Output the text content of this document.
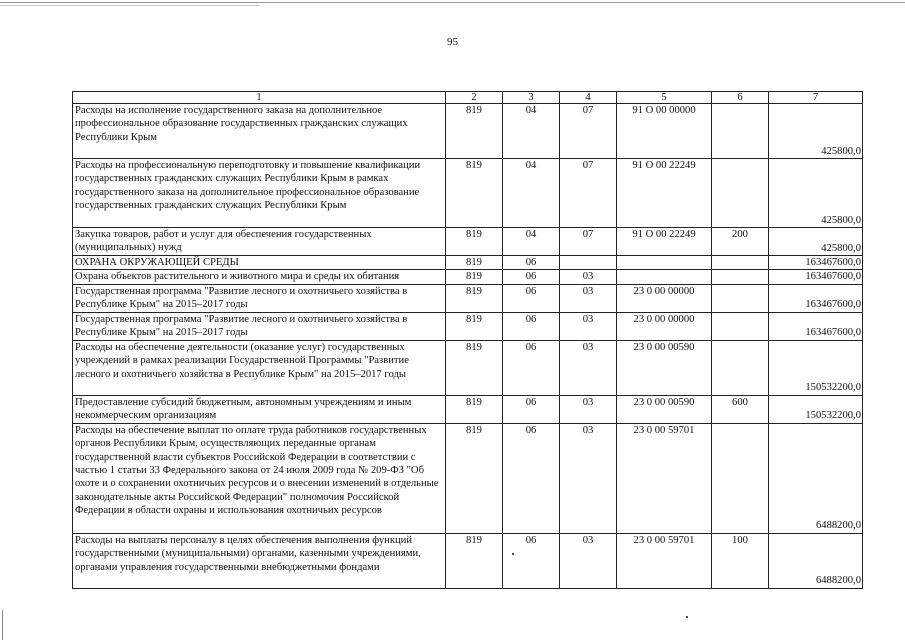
95
1	2	3	4	5	6	7
Расходы на исполнение государственного заказа на дополнительное профессиональное образование государственных гражданских служащих Республики Крым	819	04	07	91 О 00 00000		425800,0
Расходы на профессиональную переподготовку и повышение квалификации государственных гражданских служащих Республики Крым в рамках государственного заказа на дополнительное профессиональное образование государственных гражданских служащих Республики Крым	819	04	07	91 О 00 22249		425800,0
Закупка товаров, работ и услуг для обеспечения государственных (муниципальных) нужд	819	04	07	91 О 00 22249	200	425800,0
ОХРАНА ОКРУЖАЮЩЕЙ СРЕДЫ	819	06				163467600,0
Охрана объектов растительного и животного мира и среды их обитания	819	06	03			163467600,0
Государственная программа "Развитие лесного и охотничьего хозяйства в Республике Крым" на 2015–2017 годы	819	06	03	23 0 00 00000		163467600,0
Государственная программа "Развитие лесного и охотничьего хозяйства в Республике Крым" на 2015–2017 годы	819	06	03	23 0 00 00000		163467600,0
Расходы на обеспечение деятельности (оказание услуг) государственных учреждений в рамках реализации Государственной Программы "Развитие лесного и охотничьего хозяйства в Республике Крым" на 2015–2017 годы	819	06	03	23 0 00 00590		150532200,0
Предоставление субсидий бюджетным, автономным учреждениям и иным некоммерческим организациям	819	06	03	23 0 00 00590	600	150532200,0
Расходы на обеспечение выплат по оплате труда работников государственных органов Республики Крым, осуществляющих переданные органам государственной власти субъектов Российской Федерации в соответствии с частью 1 статьи 33 Федерального закона от 24 июля 2009 года № 209-ФЗ "Об охоте и о сохранении охотничьих ресурсов и о внесении изменений в отдельные законодательные акты Российской Федерации" полномочия Российской Федерации в области охраны и использования охотничьих ресурсов	819	06	03	23 0 00 59701		6488200,0
Расходы на выплаты персоналу в целях обеспечения выполнения функций государственными (муниципальными) органами, казенными учреждениями, органами управления государственными внебюджетными фондами	819	06	03	23 0 00 59701	100	6488200,0
